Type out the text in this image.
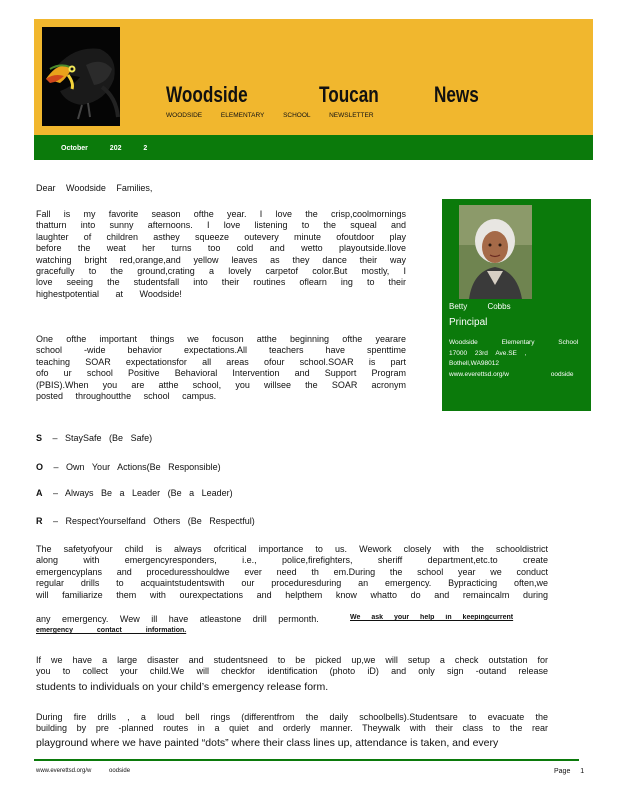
Woodside	Toucan	News
WOODSIDE ELEMENTARY SCHOOL NEWSLETTER
October	202 2
Betty Cobbs
Principal
Woodside Elementary School
17000 23rd Ave.SE ,
Bothell,WA98012
www.everettsd.org/w oodside
Dear Woodside Families,
Fall is my favorite season ofthe year. I love the crisp,coolmornings
thatturn into sunny afternoons. I love listening to the squeal and
laughter of children asthey squeeze outevery minute ofoutdoor play
before the weat her turns too cold and wetto playoutside.Ilove
watching bright red,orange,and yellow leaves as they dance their way
gracefully to the ground,crating a lovely carpetof color.But mostly, I
love seeing the studentsfall into their routines oflearn ing to their
highestpotential at Woodside!
One ofthe important things we focuson atthe beginning ofthe yearare
school -wide behavior expectations.All teachers have spenttime
teaching SOAR expectationsfor all areas ofour school.SOAR is part
ofo ur school Positive Behavioral Intervention and Support Program
(PBIS).When you are atthe school, you willsee the SOAR acronym
posted throughoutthe school campus.
S – StaySafe (Be Safe)
O – Own Your Actions(Be Responsible)
A – Always Be a Leader (Be a Leader)
R – RespectYourselfand Others (Be Respectful)
The safetyofyour child is always ofcritical importance to us. Wework closely with the schooldistrict
along with emergencyresponders, i.e., police,firefighters, sheriff department,etc.to create
emergencyplans and proceduresshouldwe ever need th em.During the school year we conduct
regular drills to acquaintstudentswith our proceduresduring an emergency. Bypracticing often,we
will familiarize them with ourexpectations and helpthem know whatto do and remaincalm during
any emergency. Wew ill have atleastone drill permonth.	We ask your help in keepingcurrent
emergency contact information.
If we have a large disaster and studentsneed to be picked up,we will setup a check outstation for
you to collect your child.We will checkfor identification (photo iD) and only sign -outand release
students to individuals on your child’s emergency release form.
During fire drills , a loud bell rings (differentfrom the daily schoolbells).Studentsare to evacuate the
building by pre -planned routes in a quiet and orderly manner. Theywalk with their class to the rear
playground where we have painted “dots” where their class lines up, attendance is taken, and every
www.everettsd.org/w oodside	Page 1
